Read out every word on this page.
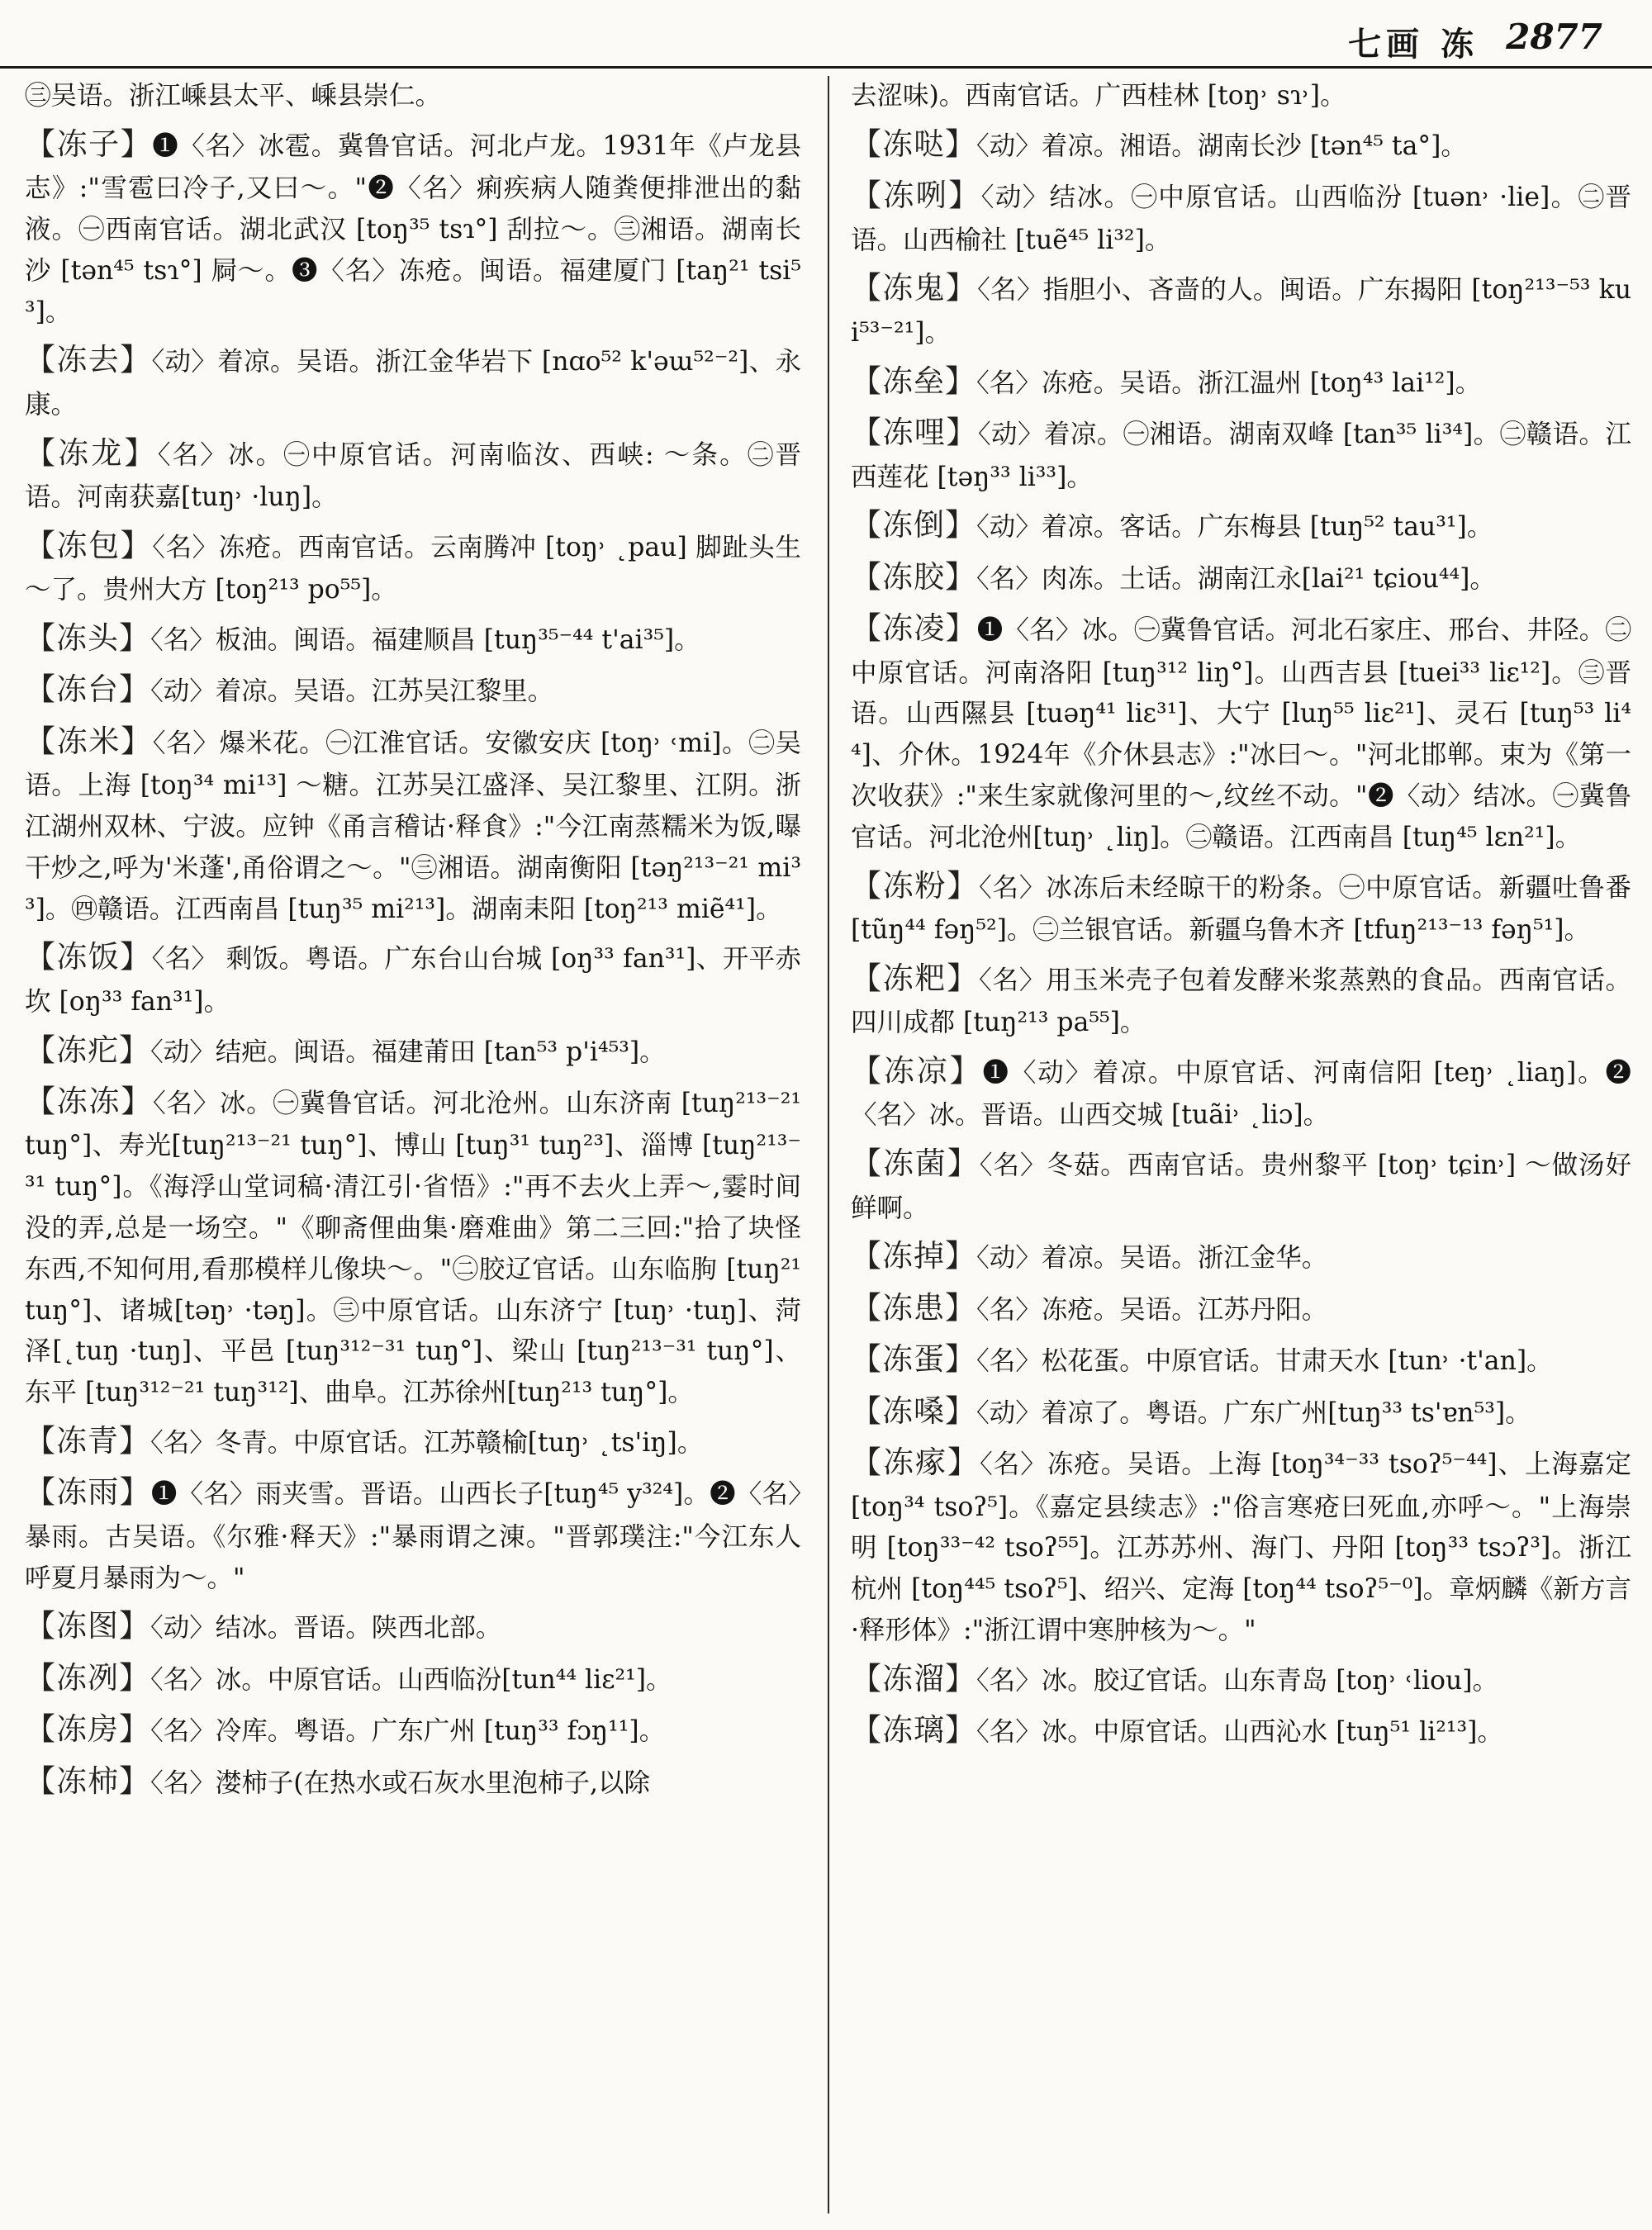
七画 冻 2877

㊂吴语。浙江嵊县太平、嵊县崇仁。

【冻子】❶〈名〉冰雹。冀鲁官话。河北卢龙。1931年《卢龙县志》:"雪雹曰冷子,又曰～。"❷〈名〉痢疾病人随粪便排泄出的黏液。㊀西南官话。湖北武汉 [toŋ³⁵ tsɿ°] 刮拉～。㊂湘语。湖南长沙 [tən⁴⁵ tsɿ°] 屙～。❸〈名〉冻疮。闽语。福建厦门 [taŋ²¹ tsi⁵³]。

【冻去】〈动〉着凉。吴语。浙江金华岩下 [nɑo⁵² k'əɯ⁵²⁻²]、永康。

【冻龙】〈名〉冰。㊀中原官话。河南临汝、西峡: ～条。㊁晋语。河南获嘉[tuŋ˒ ·luŋ]。

【冻包】〈名〉冻疮。西南官话。云南腾冲 [toŋ˒ ˛pau] 脚趾头生～了。贵州大方 [toŋ²¹³ po⁵⁵]。

【冻头】〈名〉板油。闽语。福建顺昌 [tuŋ³⁵⁻⁴⁴ t'ai³⁵]。

【冻台】〈动〉着凉。吴语。江苏吴江黎里。

【冻米】〈名〉爆米花。㊀江淮官话。安徽安庆 [toŋ˒ ˓mi]。㊁吴语。上海 [toŋ³⁴ mi¹³] ～糖。江苏吴江盛泽、吴江黎里、江阴。浙江湖州双林、宁波。应钟《甬言稽诂·释食》:"今江南蒸糯米为饭,曝干炒之,呼为'米蓬',甬俗谓之～。"㊂湘语。湖南衡阳 [təŋ²¹³⁻²¹ mi³³]。㊃赣语。江西南昌 [tuŋ³⁵ mi²¹³]。湖南耒阳 [toŋ²¹³ miẽ⁴¹]。

【冻饭】〈名〉 剩饭。粤语。广东台山台城 [oŋ³³ fan³¹]、开平赤坎 [oŋ³³ fan³¹]。

【冻疕】〈动〉结疤。闽语。福建莆田 [tan⁵³ p'i⁴⁵³]。

【冻冻】〈名〉冰。㊀冀鲁官话。河北沧州。山东济南 [tuŋ²¹³⁻²¹ tuŋ°]、寿光[tuŋ²¹³⁻²¹ tuŋ°]、博山 [tuŋ³¹ tuŋ²³]、淄博 [tuŋ²¹³⁻³¹ tuŋ°]。《海浮山堂词稿·清江引·省悟》:"再不去火上弄～,霎时间没的弄,总是一场空。"《聊斋俚曲集·磨难曲》第二三回:"拾了块怪东西,不知何用,看那模样儿像块～。"㊁胶辽官话。山东临朐 [tuŋ²¹ tuŋ°]、诸城[təŋ˒ ·təŋ]。㊂中原官话。山东济宁 [tuŋ˒ ·tuŋ]、菏泽[˛tuŋ ·tuŋ]、平邑 [tuŋ³¹²⁻³¹ tuŋ°]、梁山 [tuŋ²¹³⁻³¹ tuŋ°]、东平 [tuŋ³¹²⁻²¹ tuŋ³¹²]、曲阜。江苏徐州[tuŋ²¹³ tuŋ°]。

【冻青】〈名〉冬青。中原官话。江苏赣榆[tuŋ˒ ˛ts'iŋ]。

【冻雨】❶〈名〉雨夹雪。晋语。山西长子[tuŋ⁴⁵ y³²⁴]。❷〈名〉暴雨。古吴语。《尔雅·释天》:"暴雨谓之涷。"晋郭璞注:"今江东人呼夏月暴雨为～。"

【冻图】〈动〉结冰。晋语。陕西北部。

【冻冽】〈名〉冰。中原官话。山西临汾[tun⁴⁴ liɛ²¹]。

【冻房】〈名〉冷库。粤语。广东广州 [tuŋ³³ fɔŋ¹¹]。

【冻柿】〈名〉漤柿子(在热水或石灰水里泡柿子,以除

去涩味)。西南官话。广西桂林 [toŋ˒ sɿ˒]。

【冻哒】〈动〉着凉。湘语。湖南长沙 [tən⁴⁵ ta°]。

【冻咧】〈动〉结冰。㊀中原官话。山西临汾 [tuən˒ ·lie]。㊁晋语。山西榆社 [tuẽ⁴⁵ li³²]。

【冻鬼】〈名〉指胆小、吝啬的人。闽语。广东揭阳 [toŋ²¹³⁻⁵³ kui⁵³⁻²¹]。

【冻垒】〈名〉冻疮。吴语。浙江温州 [toŋ⁴³ lai¹²]。

【冻哩】〈动〉着凉。㊀湘语。湖南双峰 [tan³⁵ li³⁴]。㊁赣语。江西莲花 [təŋ³³ li³³]。

【冻倒】〈动〉着凉。客话。广东梅县 [tuŋ⁵² tau³¹]。

【冻胶】〈名〉肉冻。土话。湖南江永[lai²¹ tɕiou⁴⁴]。

【冻凌】❶〈名〉冰。㊀冀鲁官话。河北石家庄、邢台、井陉。㊁中原官话。河南洛阳 [tuŋ³¹² liŋ°]。山西吉县 [tuei³³ liɛ¹²]。㊂晋语。山西隰县 [tuəŋ⁴¹ liɛ³¹]、大宁 [luŋ⁵⁵ liɛ²¹]、灵石 [tuŋ⁵³ li⁴⁴]、介休。1924年《介休县志》:"冰曰～。"河北邯郸。束为《第一次收获》:"来生家就像河里的～,纹丝不动。"❷〈动〉结冰。㊀冀鲁官话。河北沧州[tuŋ˒ ˛liŋ]。㊁赣语。江西南昌 [tuŋ⁴⁵ lɛn²¹]。

【冻粉】〈名〉冰冻后未经晾干的粉条。㊀中原官话。新疆吐鲁番 [tũŋ⁴⁴ fəŋ⁵²]。㊁兰银官话。新疆乌鲁木齐 [tfuŋ²¹³⁻¹³ fəŋ⁵¹]。

【冻粑】〈名〉用玉米壳子包着发酵米浆蒸熟的食品。西南官话。四川成都 [tuŋ²¹³ pa⁵⁵]。

【冻凉】❶〈动〉着凉。中原官话、河南信阳 [teŋ˒ ˛liaŋ]。❷〈名〉冰。晋语。山西交城 [tuãi˒ ˛liɔ]。

【冻菌】〈名〉冬菇。西南官话。贵州黎平 [toŋ˒ tɕin˒] ～做汤好鲜啊。

【冻掉】〈动〉着凉。吴语。浙江金华。

【冻患】〈名〉冻疮。吴语。江苏丹阳。

【冻蛋】〈名〉松花蛋。中原官话。甘肃天水 [tun˒ ·t'an]。

【冻嗓】〈动〉着凉了。粤语。广东广州[tuŋ³³ ts'ɐn⁵³]。

【冻瘃】〈名〉冻疮。吴语。上海 [toŋ³⁴⁻³³ tsoʔ⁵⁻⁴⁴]、上海嘉定 [toŋ³⁴ tsoʔ⁵]。《嘉定县续志》:"俗言寒疮曰死血,亦呼～。"上海崇明 [toŋ³³⁻⁴² tsoʔ⁵⁵]。江苏苏州、海门、丹阳 [toŋ³³ tsɔʔ³]。浙江杭州 [toŋ⁴⁴⁵ tsoʔ⁵]、绍兴、定海 [toŋ⁴⁴ tsoʔ⁵⁻⁰]。章炳麟《新方言·释形体》:"浙江谓中寒肿核为～。"

【冻溜】〈名〉冰。胶辽官话。山东青岛 [toŋ˒ ˓liou]。

【冻璃】〈名〉冰。中原官话。山西沁水 [tuŋ⁵¹ li²¹³]。
